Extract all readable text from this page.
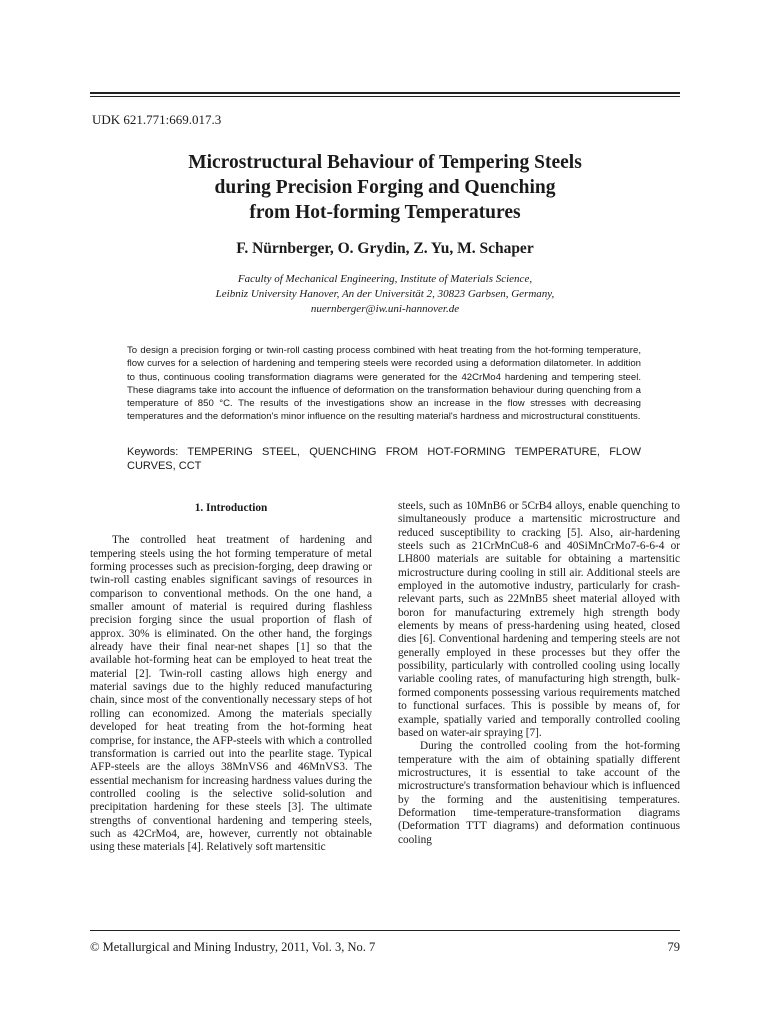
UDK 621.771:669.017.3
Microstructural Behaviour of Tempering Steels
during Precision Forging and Quenching
from Hot-forming Temperatures
F. Nürnberger, O. Grydin, Z. Yu, M. Schaper
Faculty of Mechanical Engineering, Institute of Materials Science,
Leibniz University Hanover, An der Universität 2, 30823 Garbsen, Germany,
nuernberger@iw.uni-hannover.de
To design a precision forging or twin-roll casting process combined with heat treating from the hot-forming temperature, flow curves for a selection of hardening and tempering steels were recorded using a deformation dilatometer. In addition to thus, continuous cooling transformation diagrams were generated for the 42CrMo4 hardening and tempering steel. These diagrams take into account the influence of deformation on the transformation behaviour during quenching from a temperature of 850 °C. The results of the investigations show an increase in the flow stresses with decreasing temperatures and the deformation's minor influence on the resulting material's hardness and microstructural constituents.
Keywords: TEMPERING STEEL, QUENCHING FROM HOT-FORMING TEMPERATURE, FLOW CURVES, CCT

1. Introduction

The controlled heat treatment of hardening and tempering steels using the hot forming temperature of metal forming processes such as precision-forging, deep drawing or twin-roll casting enables significant savings of resources in comparison to conventional methods. On the one hand, a smaller amount of material is required during flashless precision forging since the usual proportion of flash of approx. 30% is eliminated. On the other hand, the forgings already have their final near-net shapes [1] so that the available hot-forming heat can be employed to heat treat the material [2]. Twin-roll casting allows high energy and material savings due to the highly reduced manufacturing chain, since most of the conventionally necessary steps of hot rolling can economized. Among the materials specially developed for heat treating from the hot-forming heat comprise, for instance, the AFP-steels with which a controlled transformation is carried out into the pearlite stage. Typical AFP-steels are the alloys 38MnVS6 and 46MnVS3. The essential mechanism for increasing hardness values during the controlled cooling is the selective solid-solution and precipitation hardening for these steels [3]. The ultimate strengths of conventional hardening and tempering steels, such as 42CrMo4, are, however, currently not obtainable using these materials [4]. Relatively soft martensitic

steels, such as 10MnB6 or 5CrB4 alloys, enable quenching to simultaneously produce a martensitic microstructure and reduced susceptibility to cracking [5]. Also, air-hardening steels such as 21CrMnCu8-6 and 40SiMnCrMo7-6-6-4 or LH800 materials are suitable for obtaining a martensitic microstructure during cooling in still air. Additional steels are employed in the automotive industry, particularly for crash-relevant parts, such as 22MnB5 sheet material alloyed with boron for manufacturing extremely high strength body elements by means of press-hardening using heated, closed dies [6]. Conventional hardening and tempering steels are not generally employed in these processes but they offer the possibility, particularly with controlled cooling using locally variable cooling rates, of manufacturing high strength, bulk-formed components possessing various requirements matched to functional surfaces. This is possible by means of, for example, spatially varied and temporally controlled cooling based on water-air spraying [7].

During the controlled cooling from the hot-forming temperature with the aim of obtaining spatially different microstructures, it is essential to take account of the microstructure's transformation behaviour which is influenced by the forming and the austenitising temperatures. Deformation time-temperature-transformation diagrams (Deformation TTT diagrams) and deformation continuous cooling

© Metallurgical and Mining Industry, 2011, Vol. 3, No. 7	79
